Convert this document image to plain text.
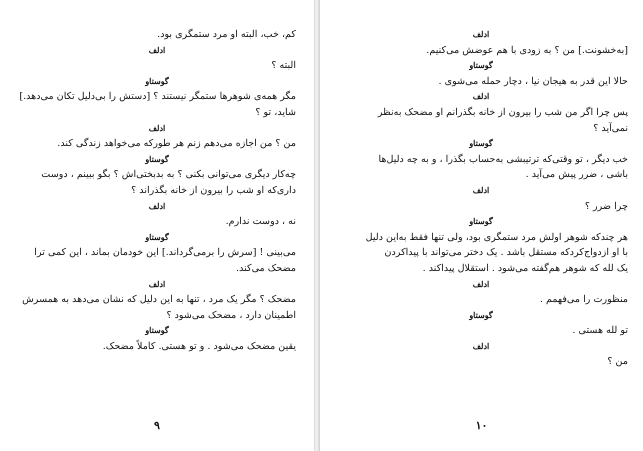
کم، خب، البته او مرد ستمگری بود.
ادلف
البته ؟
گوستاو
مگر همه‌ی شوهرها ستمگر نیستند ؟ [دستش را بی‌دلیل تکان می‌دهد.]
شاید، تو ؟
ادلف
من ؟ من اجازه می‌دهم زنم هر طورکه می‌خواهد زندگی کند.
گوستاو
چه‌کار دیگری می‌توانی بکنی ؟ به بدبختی‌اش ؟ بگو ببینم ، دوست
داری‌که او شب را بیرون از خانه بگذراند ؟
ادلف
نه ، دوست ندارم.
گوستاو
می‌بینی ! [سرش را برمی‌گرداند.] این خودمان بماند ، این کمی ترا
مضحک می‌کند.
ادلف
مضحک ؟ مگر یک مرد ، تنها به این دلیل که نشان می‌دهد به همسرش
اطمینان دارد ، مضحک می‌شود ؟
گوستاو
یقین مضحک می‌شود . و تو هستی. کاملاً مضحک.
۹
ادلف
[به‌خشونت.] من ؟ به زودی با هم عوضش می‌کنیم.
گوستاو
حالا این قدر به هیجان نیا ، دچار حمله می‌شوی .
ادلف
پس چرا اگر من شب را بیرون از خانه بگذرانم او مضحک به‌نظر
نمی‌آید ؟
گوستاو
خب دیگر ، تو وقتی‌که ترتیبشی به‌حساب بگذرا ، و به چه دلیل‌ها
باشی ، ضرر پیش می‌آید .
ادلف
چرا ضرر ؟
گوستاو
هر چندکه شوهر اولش مرد ستمگری بود، ولی تنها فقط به‌این دلیل
با او ازدواج‌کردکه مستقل باشد . یک دختر می‌تواند با پیداکردن
یک لله که شوهر هم‌گفته می‌شود . استقلال پیداکند .
ادلف
منظورت را می‌فهمم .
گوستاو
تو لله هستی .
ادلف
من ؟
۱۰
